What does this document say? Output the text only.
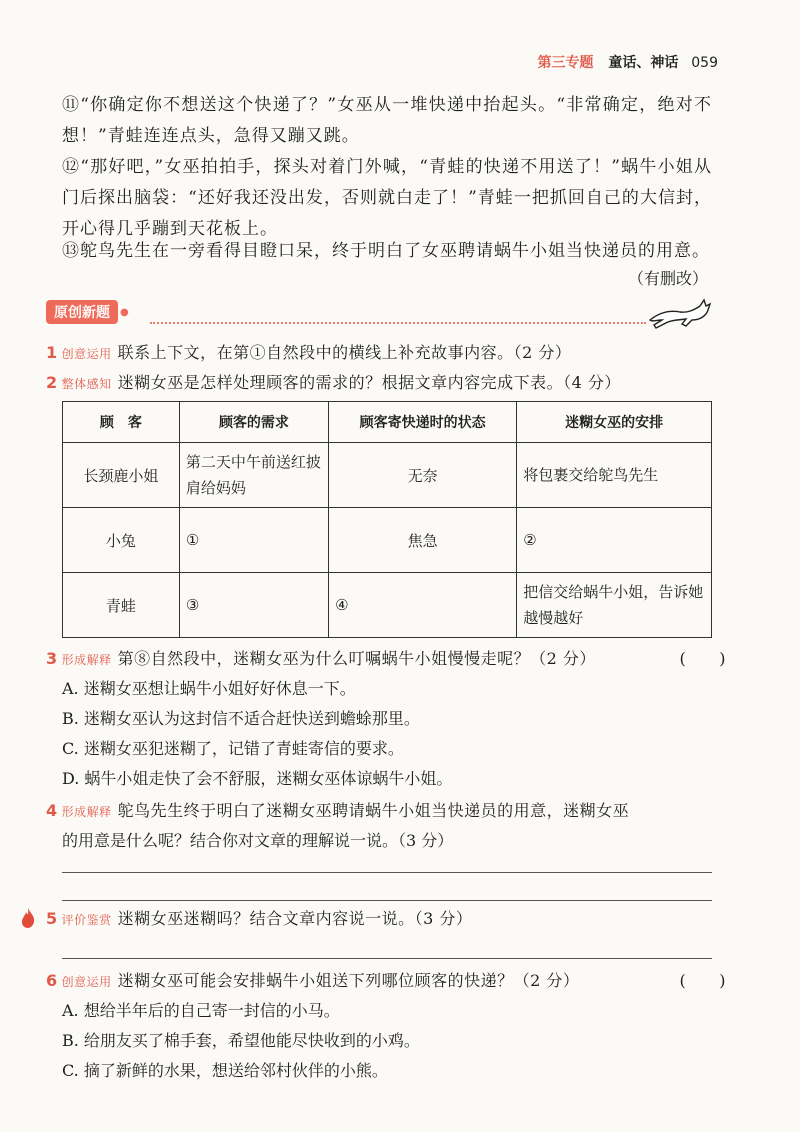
第三专题 童话、神话 059

⑪“你确定你不想送这个快递了？”女巫从一堆快递中抬起头。“非常确定，绝对不想！”青蛙连连点头，急得又蹦又跳。

⑫“那好吧，”女巫拍拍手，探头对着门外喊，“青蛙的快递不用送了！”蜗牛小姐从门后探出脑袋：“还好我还没出发，否则就白走了！”青蛙一把抓回自己的大信封，开心得几乎蹦到天花板上。

⑬鸵鸟先生在一旁看得目瞪口呆，终于明白了女巫聘请蜗牛小姐当快递员的用意。

（有删改）
原创新题 ●
1 创意运用 联系上下文，在第①自然段中的横线上补充故事内容。（2 分）
2 整体感知 迷糊女巫是怎样处理顾客的需求的？根据文章内容完成下表。（4 分）
顾　客	顾客的需求	顾客寄快递时的状态	迷糊女巫的安排
长颈鹿小姐	第二天中午前送红披肩给妈妈	无奈	将包裹交给鸵鸟先生
小兔	①	焦急	②
青蛙	③	④	把信交给蜗牛小姐，告诉她越慢越好
3 形成解释 第⑧自然段中，迷糊女巫为什么叮嘱蜗牛小姐慢慢走呢？（2 分）	(　　)
A. 迷糊女巫想让蜗牛小姐好好休息一下。
B. 迷糊女巫认为这封信不适合赶快送到蟾蜍那里。
C. 迷糊女巫犯迷糊了，记错了青蛙寄信的要求。
D. 蜗牛小姐走快了会不舒服，迷糊女巫体谅蜗牛小姐。
4 形成解释 鸵鸟先生终于明白了迷糊女巫聘请蜗牛小姐当快递员的用意，迷糊女巫
的用意是什么呢？结合你对文章的理解说一说。（3 分）
5 评价鉴赏 迷糊女巫迷糊吗？结合文章内容说一说。（3 分）
6 创意运用 迷糊女巫可能会安排蜗牛小姐送下列哪位顾客的快递？（2 分）	(　　)
A. 想给半年后的自己寄一封信的小马。
B. 给朋友买了棉手套，希望他能尽快收到的小鸡。
C. 摘了新鲜的水果，想送给邻村伙伴的小熊。
